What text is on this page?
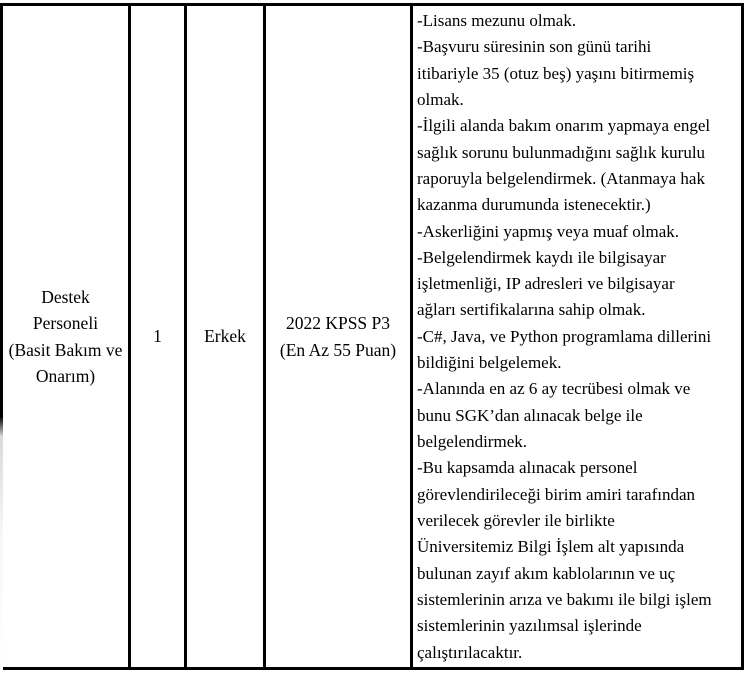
Destek
Personeli
(Basit Bakım ve
Onarım)
1 Erkek
2022 KPSS P3
(En Az 55 Puan)
-Lisans mezunu olmak.
-Başvuru süresinin son günü tarihi
itibariyle 35 (otuz beş) yaşını bitirmemiş
olmak.
-İlgili alanda bakım onarım yapmaya engel
sağlık sorunu bulunmadığını sağlık kurulu
raporuyla belgelendirmek. (Atanmaya hak
kazanma durumunda istenecektir.)
-Askerliğini yapmış veya muaf olmak.
-Belgelendirmek kaydı ile bilgisayar
işletmenliği, IP adresleri ve bilgisayar
ağları sertifikalarına sahip olmak.
-C#, Java, ve Python programlama dillerini
bildiğini belgelemek.
-Alanında en az 6 ay tecrübesi olmak ve
bunu SGK’dan alınacak belge ile
belgelendirmek.
-Bu kapsamda alınacak personel
görevlendirileceği birim amiri tarafından
verilecek görevler ile birlikte
Üniversitemiz Bilgi İşlem alt yapısında
bulunan zayıf akım kablolarının ve uç
sistemlerinin arıza ve bakımı ile bilgi işlem
sistemlerinin yazılımsal işlerinde
çalıştırılacaktır.
